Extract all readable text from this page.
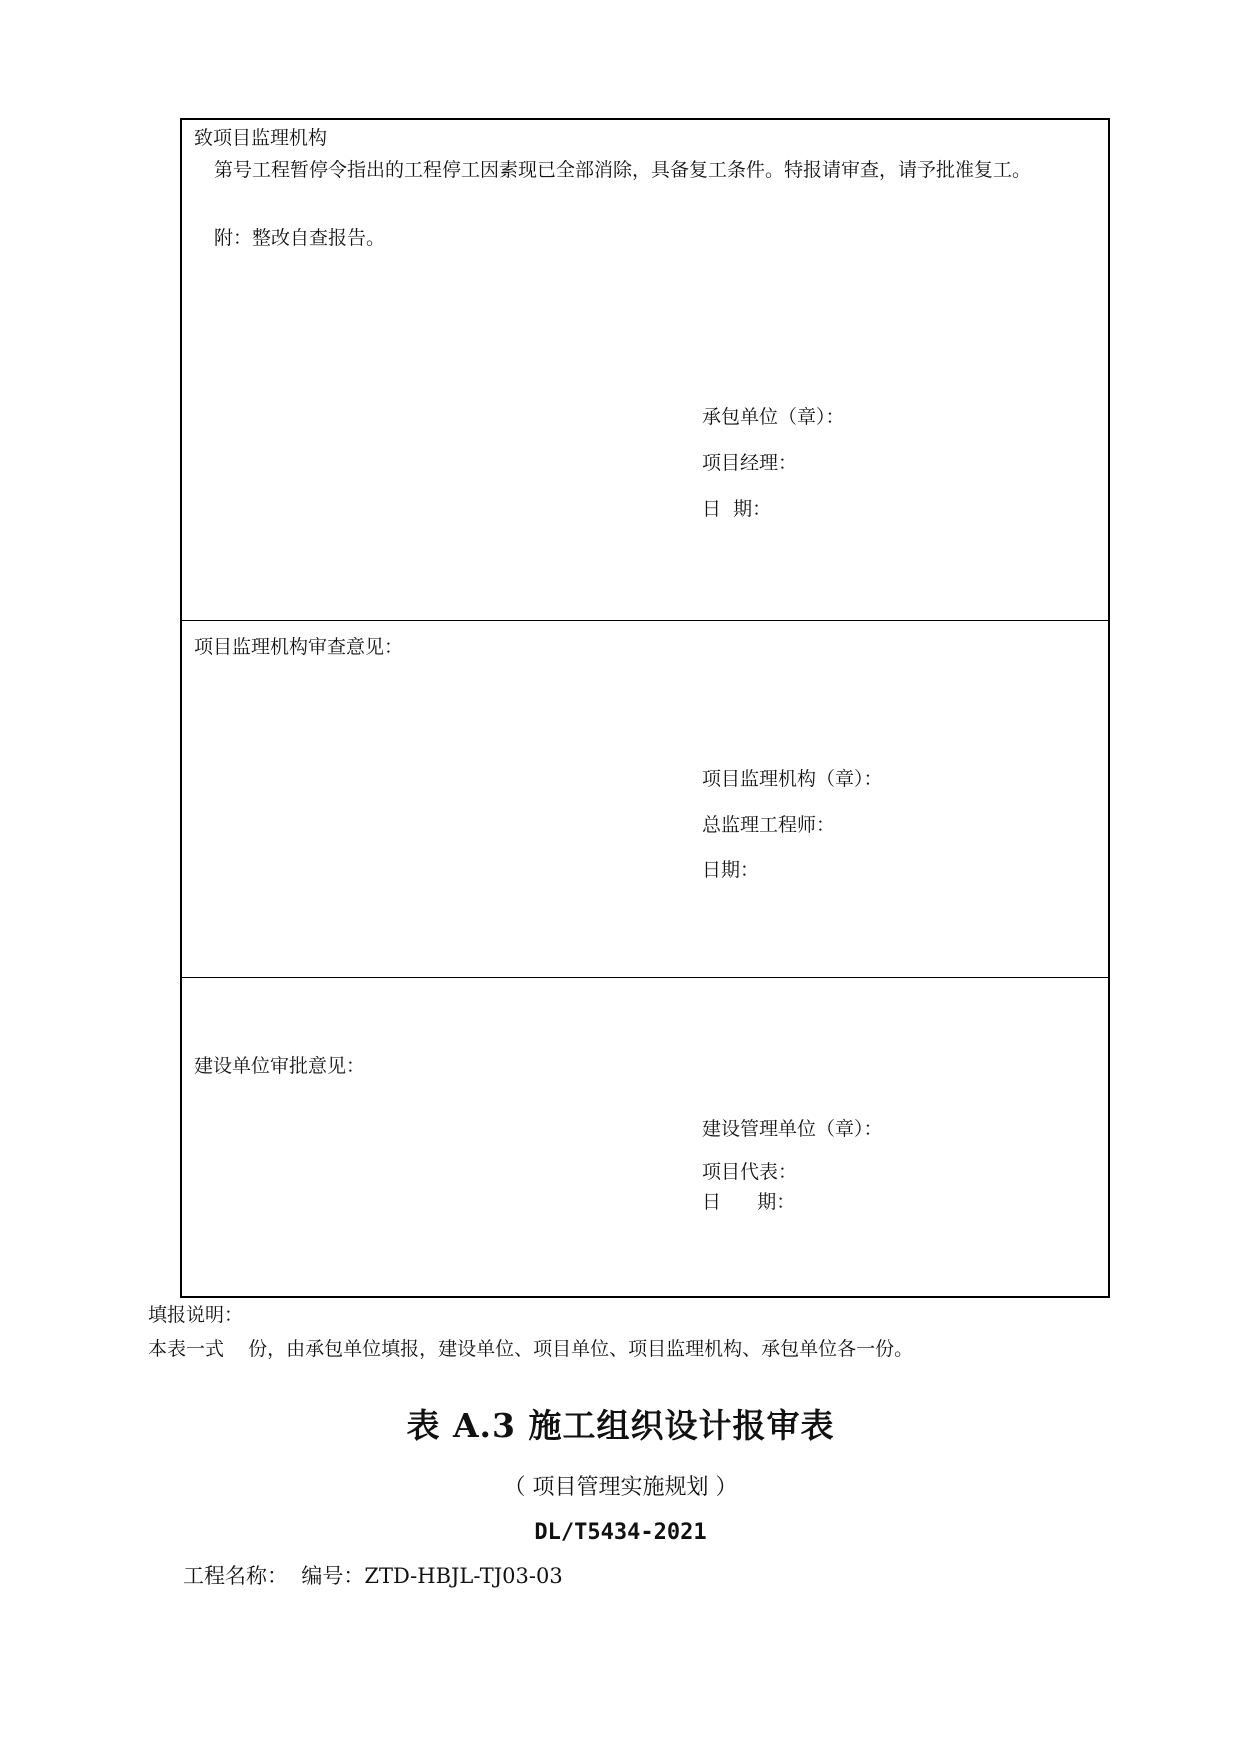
致项目监理机构
第号工程暂停令指出的工程停工因素现已全部消除，具备复工条件。特报请审查，请予批准复工。
附：整改自查报告。
承包单位（章）：
项目经理：
日  期：
项目监理机构审查意见：
项目监理机构（章）：
总监理工程师：
日期：
建设单位审批意见：
建设管理单位（章）：
项目代表：
日      期：
填报说明：
本表一式    份，由承包单位填报，建设单位、项目单位、项目监理机构、承包单位各一份。
表 A.3 施工组织设计报审表
（ 项目管理实施规划 ）
DL/T5434-2021
工程名称：  编号：ZTD-HBJL-TJ03-03
